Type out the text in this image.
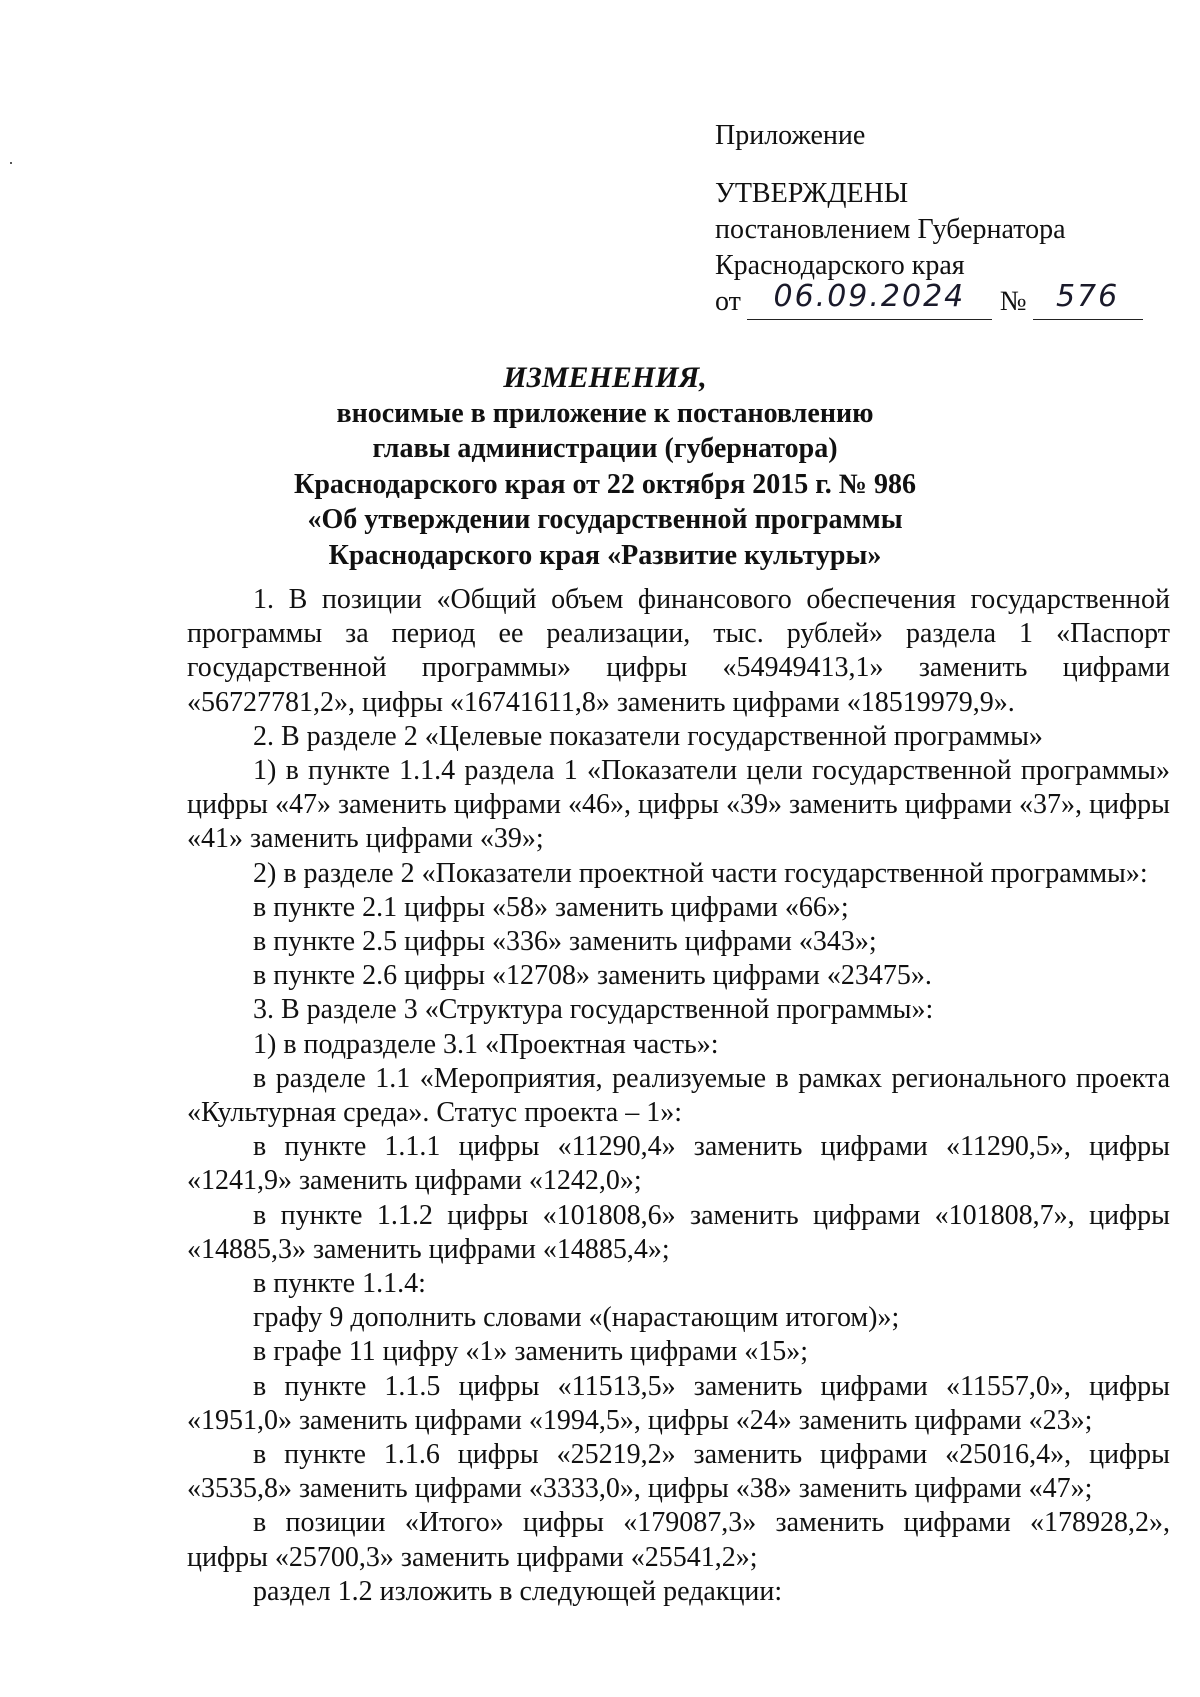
Приложение
УТВЕРЖДЕНЫ
постановлением Губернатора
Краснодарского края
от	06.09.2024	№ 576
ИЗМЕНЕНИЯ,
вносимые в приложение к постановлению
главы администрации (губернатора)
Краснодарского края от 22 октября 2015 г. № 986
«Об утверждении государственной программы
Краснодарского края «Развитие культуры»

1. В позиции «Общий объем финансового обеспечения государственной программы за период ее реализации, тыс. рублей» раздела 1 «Паспорт государственной программы» цифры «54949413,1» заменить цифрами «56727781,2», цифры «16741611,8» заменить цифрами «18519979,9».

2. В разделе 2 «Целевые показатели государственной программы»

1) в пункте 1.1.4 раздела 1 «Показатели цели государственной программы» цифры «47» заменить цифрами «46», цифры «39» заменить цифрами «37», цифры «41» заменить цифрами «39»;

2) в разделе 2 «Показатели проектной части государственной программы»:

в пункте 2.1 цифры «58» заменить цифрами «66»;

в пункте 2.5 цифры «336» заменить цифрами «343»;

в пункте 2.6 цифры «12708» заменить цифрами «23475».

3. В разделе 3 «Структура государственной программы»:

1) в подразделе 3.1 «Проектная часть»:

в разделе 1.1 «Мероприятия, реализуемые в рамках регионального проекта «Культурная среда». Статус проекта – 1»:

в пункте 1.1.1 цифры «11290,4» заменить цифрами «11290,5», цифры «1241,9» заменить цифрами «1242,0»;

в пункте 1.1.2 цифры «101808,6» заменить цифрами «101808,7», цифры «14885,3» заменить цифрами «14885,4»;

в пункте 1.1.4:

графу 9 дополнить словами «(нарастающим итогом)»;

в графе 11 цифру «1» заменить цифрами «15»;

в пункте 1.1.5 цифры «11513,5» заменить цифрами «11557,0», цифры «1951,0» заменить цифрами «1994,5», цифры «24» заменить цифрами «23»;

в пункте 1.1.6 цифры «25219,2» заменить цифрами «25016,4», цифры «3535,8» заменить цифрами «3333,0», цифры «38» заменить цифрами «47»;

в позиции «Итого» цифры «179087,3» заменить цифрами «178928,2», цифры «25700,3» заменить цифрами «25541,2»;

раздел 1.2 изложить в следующей редакции:
